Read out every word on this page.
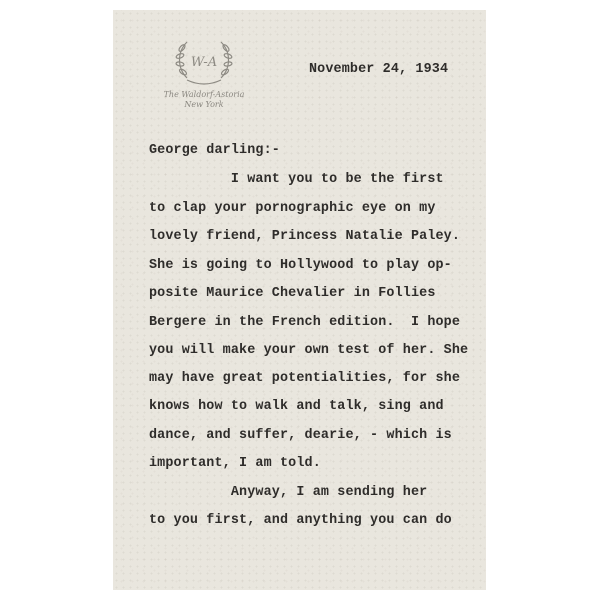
W-A
The Waldorf-Astoria
New York
November 24, 1934
George darling:-
I want you to be the first
to clap your pornographic eye on my
lovely friend, Princess Natalie Paley.
She is going to Hollywood to play op-
posite Maurice Chevalier in Follies
Bergere in the French edition.  I hope
you will make your own test of her. She
may have great potentialities, for she
knows how to walk and talk, sing and
dance, and suffer, dearie, - which is
important, I am told.
Anyway, I am sending her
to you first, and anything you can do
